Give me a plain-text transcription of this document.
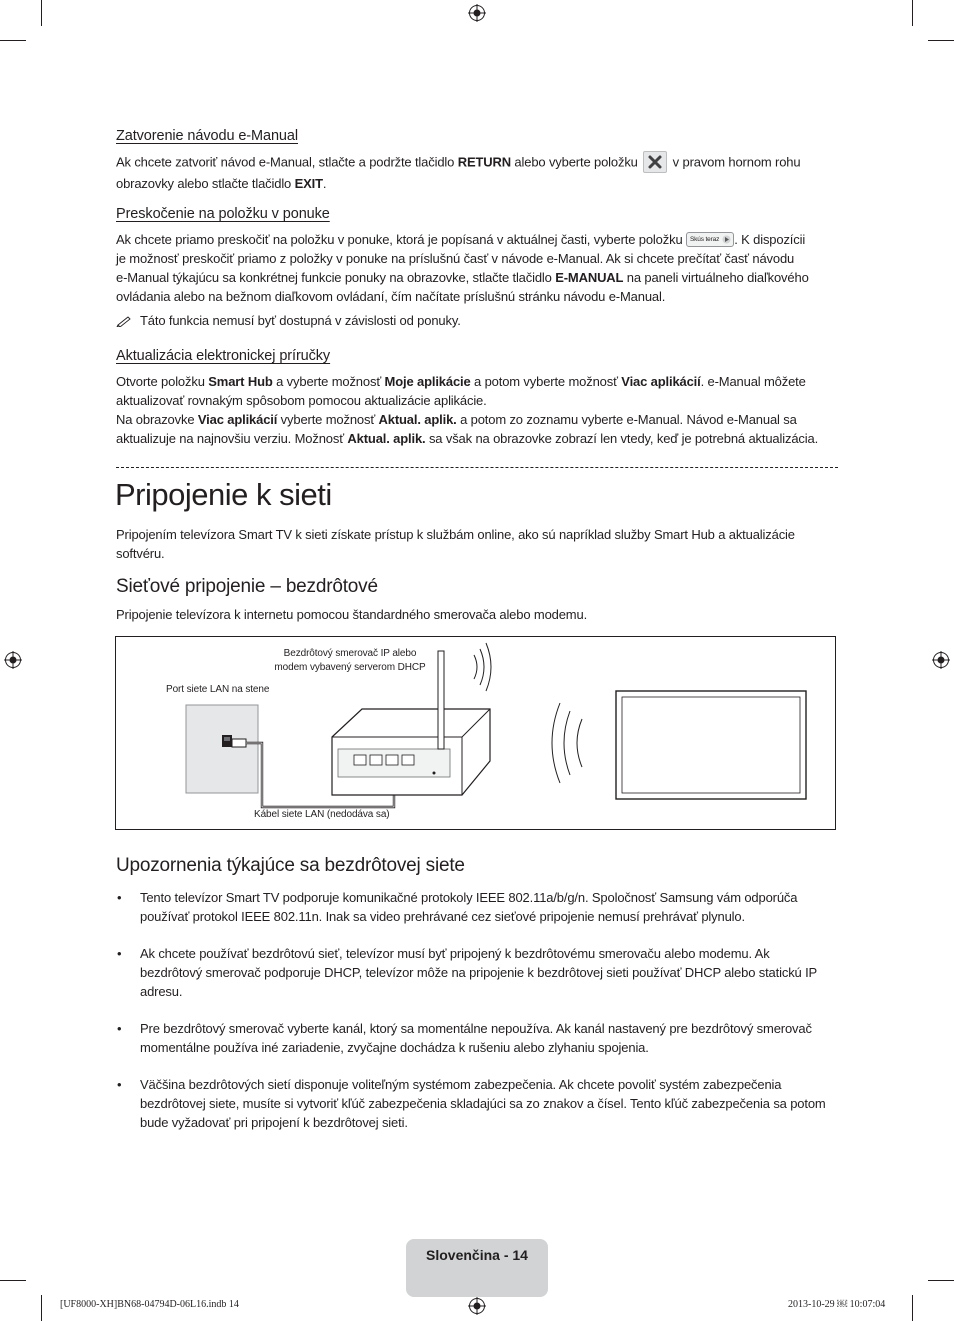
Zatvorenie návodu e-Manual
Ak chcete zatvoriť návod e-Manual, stlačte a podržte tlačidlo RETURN alebo vyberte položku  v pravom hornom rohu
obrazovky alebo stlačte tlačidlo EXIT.
Preskočenie na položku v ponuke
Ak chcete priamo preskočiť na položku v ponuke, ktorá je popísaná v aktuálnej časti, vyberte položku Skús teraz . K dispozícii
je možnosť preskočiť priamo z položky v ponuke na príslušnú časť v návode e-Manual. Ak si chcete prečítať časť návodu
e-Manual týkajúcu sa konkrétnej funkcie ponuky na obrazovke, stlačte tlačidlo E-MANUAL na paneli virtuálneho diaľkového
ovládania alebo na bežnom diaľkovom ovládaní, čím načítate príslušnú stránku návodu e-Manual.
Táto funkcia nemusí byť dostupná v závislosti od ponuky.
Aktualizácia elektronickej príručky
Otvorte položku Smart Hub a vyberte možnosť Moje aplikácie a potom vyberte možnosť Viac aplikácií. e-Manual môžete
aktualizovať rovnakým spôsobom pomocou aktualizácie aplikácie.
Na obrazovke Viac aplikácií vyberte možnosť Aktual. aplik. a potom zo zoznamu vyberte e-Manual. Návod e-Manual sa
aktualizuje na najnovšiu verziu. Možnosť Aktual. aplik. sa však na obrazovke zobrazí len vtedy, keď je potrebná aktualizácia.
Pripojenie k sieti
Pripojením televízora Smart TV k sieti získate prístup k službám online, ako sú napríklad služby Smart Hub a aktualizácie
softvéru.
Sieťové pripojenie – bezdrôtové
Pripojenie televízora k internetu pomocou štandardného smerovača alebo modemu.
Bezdrôtový smerovač IP alebo
modem vybavený serverom DHCP
Port siete LAN na stene
Kábel siete LAN (nedodáva sa)
Upozornenia týkajúce sa bezdrôtovej siete
• Tento televízor Smart TV podporuje komunikačné protokoly IEEE 802.11a/b/g/n. Spoločnosť Samsung vám odporúča
používať protokol IEEE 802.11n. Inak sa video prehrávané cez sieťové pripojenie nemusí prehrávať plynulo.
• Ak chcete používať bezdrôtovú sieť, televízor musí byť pripojený k bezdrôtovému smerovaču alebo modemu. Ak
bezdrôtový smerovač podporuje DHCP, televízor môže na pripojenie k bezdrôtovej sieti používať DHCP alebo statickú IP
adresu.
• Pre bezdrôtový smerovač vyberte kanál, ktorý sa momentálne nepoužíva. Ak kanál nastavený pre bezdrôtový smerovač
momentálne používa iné zariadenie, zvyčajne dochádza k rušeniu alebo zlyhaniu spojenia.
• Väčšina bezdrôtových sietí disponuje voliteľným systémom zabezpečenia. Ak chcete povoliť systém zabezpečenia
bezdrôtovej siete, musíte si vytvoriť kľúč zabezpečenia skladajúci sa zo znakov a čísel. Tento kľúč zabezpečenia sa potom
bude vyžadovať pri pripojení k bezdrôtovej sieti.
Slovenčina - 14
[UF8000-XH]BN68-04794D-06L16.indb 14	2013-10-29 ￼ 10:07:04
